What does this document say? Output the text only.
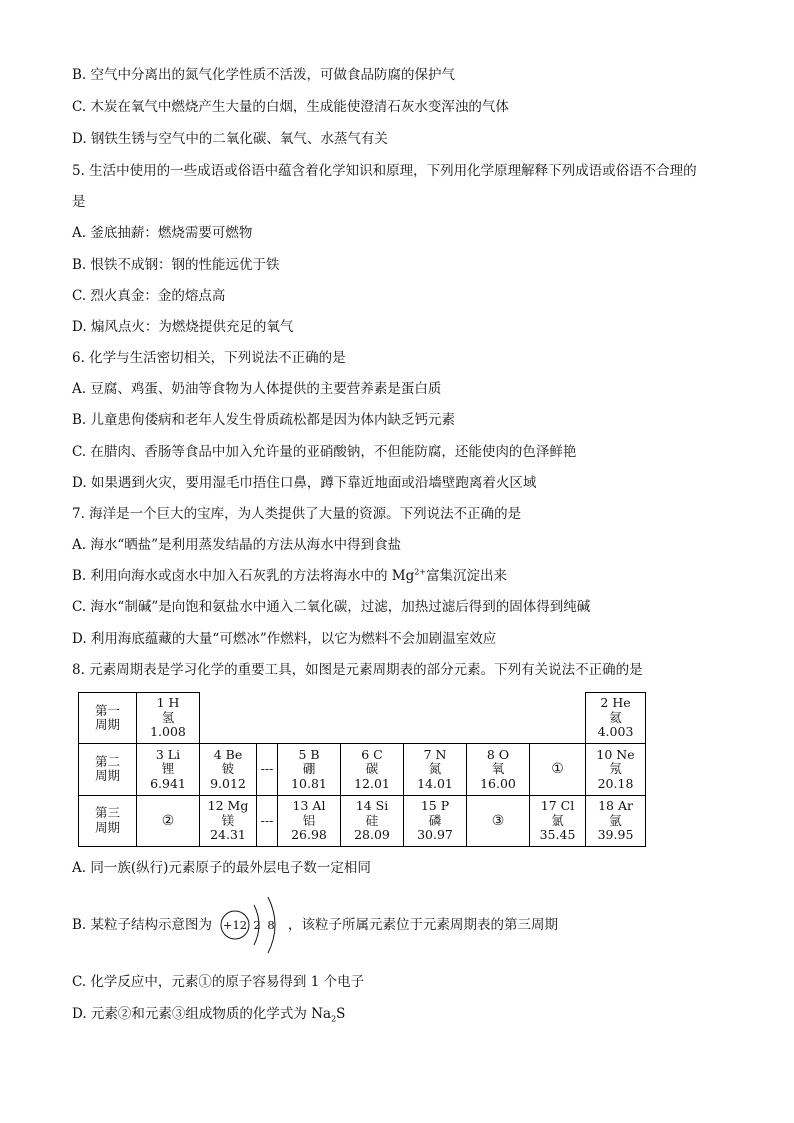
B. 空气中分离出的氮气化学性质不活泼，可做食品防腐的保护气
C. 木炭在氧气中燃烧产生大量的白烟，生成能使澄清石灰水变浑浊的气体
D. 钢铁生锈与空气中的二氧化碳、氧气、水蒸气有关
5. 生活中使用的一些成语或俗语中蕴含着化学知识和原理，下列用化学原理解释下列成语或俗语不合理的
是
A. 釜底抽薪：燃烧需要可燃物
B. 恨铁不成钢：钢的性能远优于铁
C. 烈火真金：金的熔点高
D. 煽风点火：为燃烧提供充足的氧气
6. 化学与生活密切相关，下列说法不正确的是
A. 豆腐、鸡蛋、奶油等食物为人体提供的主要营养素是蛋白质
B. 儿童患佝偻病和老年人发生骨质疏松都是因为体内缺乏钙元素
C. 在腊肉、香肠等食品中加入允许量的亚硝酸钠，不但能防腐，还能使肉的色泽鲜艳
D. 如果遇到火灾，要用湿毛巾捂住口鼻，蹲下靠近地面或沿墙壁跑离着火区域
7. 海洋是一个巨大的宝库，为人类提供了大量的资源。下列说法不正确的是
A. 海水“晒盐”是利用蒸发结晶的方法从海水中得到食盐
B. 利用向海水或卤水中加入石灰乳的方法将海水中的 $Mg^{2+}$富集沉淀出来
C. 海水“制碱”是向饱和氨盐水中通入二氧化碳，过滤，加热过滤后得到的固体得到纯碱
D. 利用海底蕴藏的大量“可燃冰”作燃料，以它为燃料不会加剧温室效应
8. 元素周期表是学习化学的重要工具，如图是元素周期表的部分元素。下列有关说法不正确的是
第一
周期	1 H
氢
1.008								2 He
氦
4.003

第二
周期	3 Li
锂
6.941	4 Be
铍
9.012	---	5 B
硼
10.81	6 C
碳
12.01	7 N
氮
14.01	8 O
氧
16.00	①	10 Ne
氖
20.18

第三
周期	②	12 Mg
镁
24.31	---	13 Al
铝
26.98	14 Si
硅
28.09	15 P
磷
30.97	③	17 Cl
氯
35.45	18 Ar
氩
39.95
A. 同一族(纵行)元素原子的最外层电子数一定相同
B. 某粒子结构示意图为 +12 2 8 ，该粒子所属元素位于元素周期表的第三周期
C. 化学反应中，元素①的原子容易得到 1 个电子
D. 元素②和元素③组成物质的化学式为 $Na_2S$
